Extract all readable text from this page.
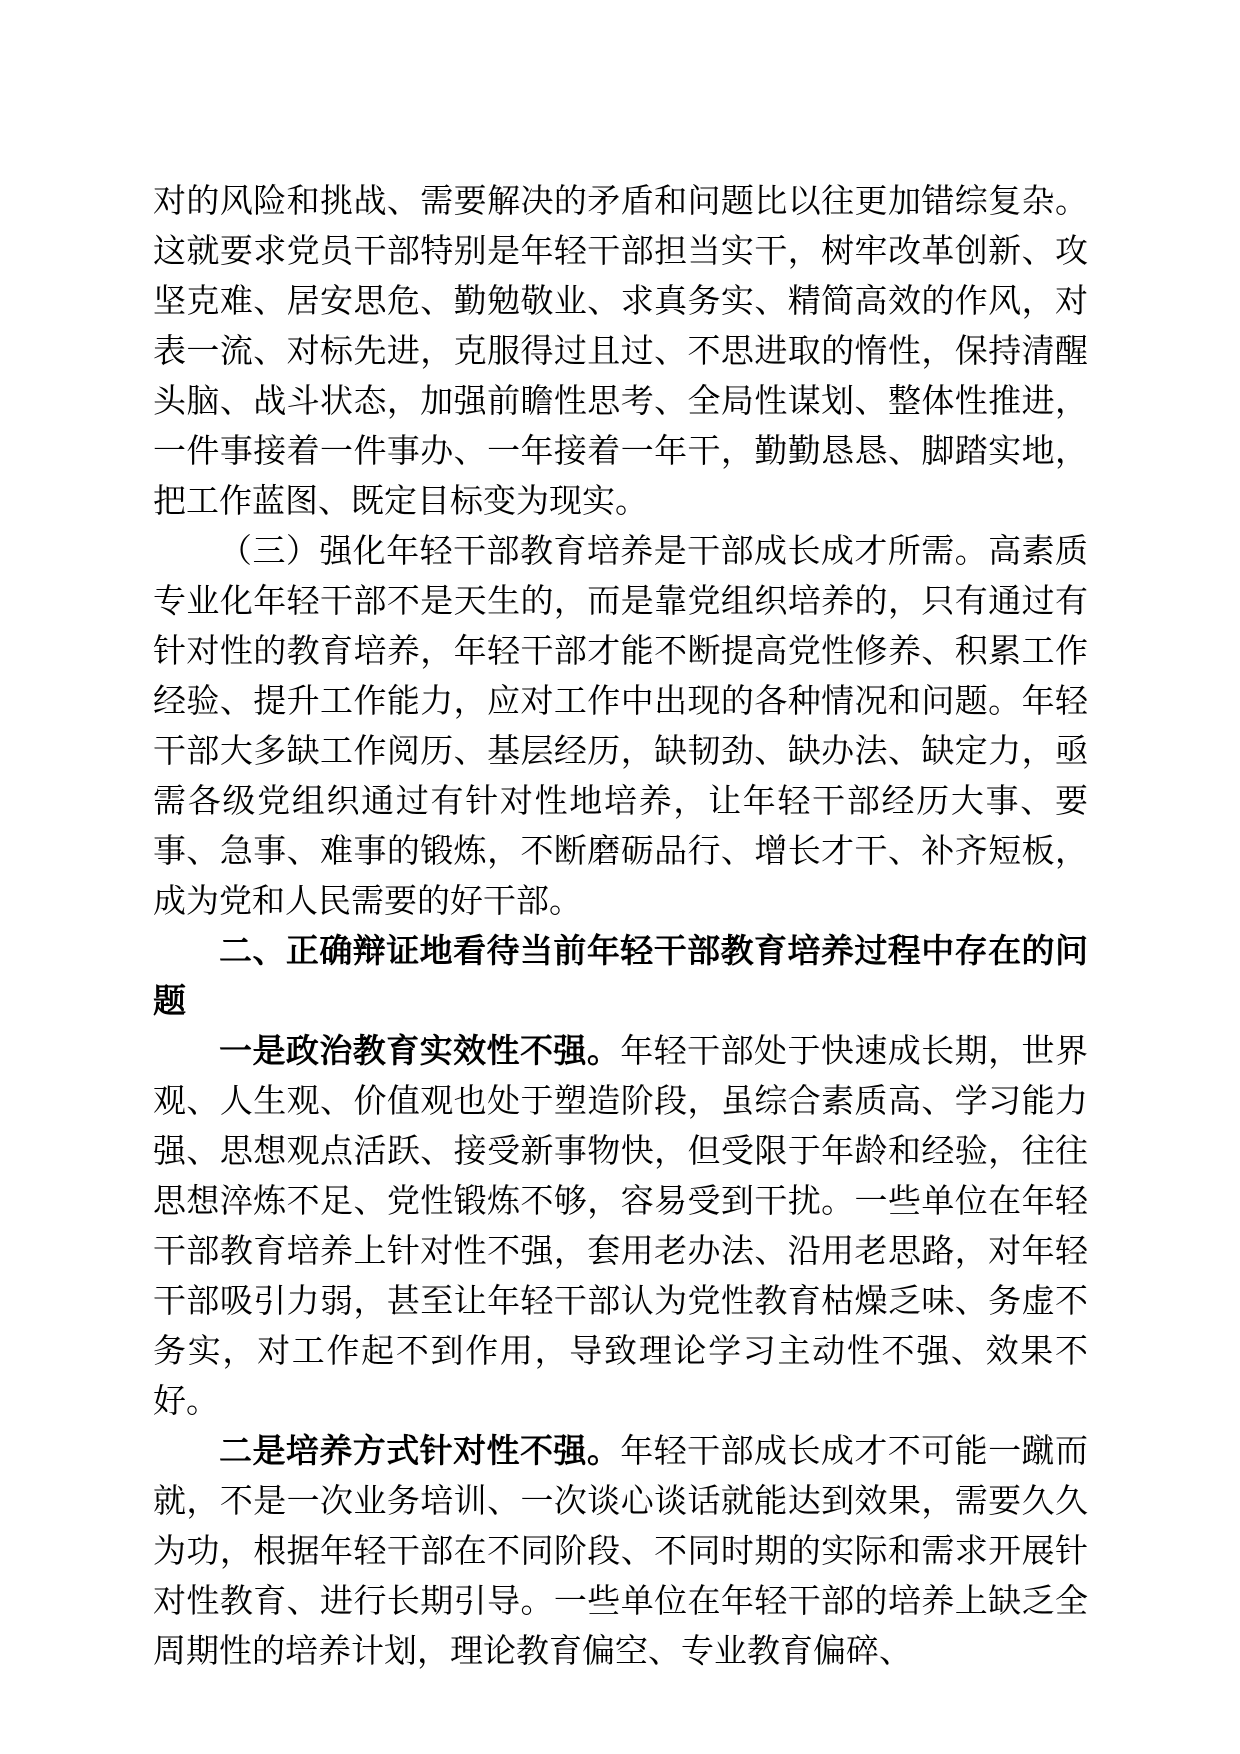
对的风险和挑战、需要解决的矛盾和问题比以往更加错综复杂。这就要求党员干部特别是年轻干部担当实干，树牢改革创新、攻坚克难、居安思危、勤勉敬业、求真务实、精简高效的作风，对表一流、对标先进，克服得过且过、不思进取的惰性，保持清醒头脑、战斗状态，加强前瞻性思考、全局性谋划、整体性推进，一件事接着一件事办、一年接着一年干，勤勤恳恳、脚踏实地，把工作蓝图、既定目标变为现实。

（三）强化年轻干部教育培养是干部成长成才所需。高素质专业化年轻干部不是天生的，而是靠党组织培养的，只有通过有针对性的教育培养，年轻干部才能不断提高党性修养、积累工作经验、提升工作能力，应对工作中出现的各种情况和问题。年轻干部大多缺工作阅历、基层经历，缺韧劲、缺办法、缺定力，亟需各级党组织通过有针对性地培养，让年轻干部经历大事、要事、急事、难事的锻炼，不断磨砺品行、增长才干、补齐短板，成为党和人民需要的好干部。

二、正确辩证地看待当前年轻干部教育培养过程中存在的问题

一是政治教育实效性不强。年轻干部处于快速成长期，世界观、人生观、价值观也处于塑造阶段，虽综合素质高、学习能力强、思想观点活跃、接受新事物快，但受限于年龄和经验，往往思想淬炼不足、党性锻炼不够，容易受到干扰。一些单位在年轻干部教育培养上针对性不强，套用老办法、沿用老思路，对年轻干部吸引力弱，甚至让年轻干部认为党性教育枯燥乏味、务虚不务实，对工作起不到作用，导致理论学习主动性不强、效果不好。

二是培养方式针对性不强。年轻干部成长成才不可能一蹴而就，不是一次业务培训、一次谈心谈话就能达到效果，需要久久为功，根据年轻干部在不同阶段、不同时期的实际和需求开展针对性教育、进行长期引导。一些单位在年轻干部的培养上缺乏全周期性的培养计划，理论教育偏空、专业教育偏碎、
